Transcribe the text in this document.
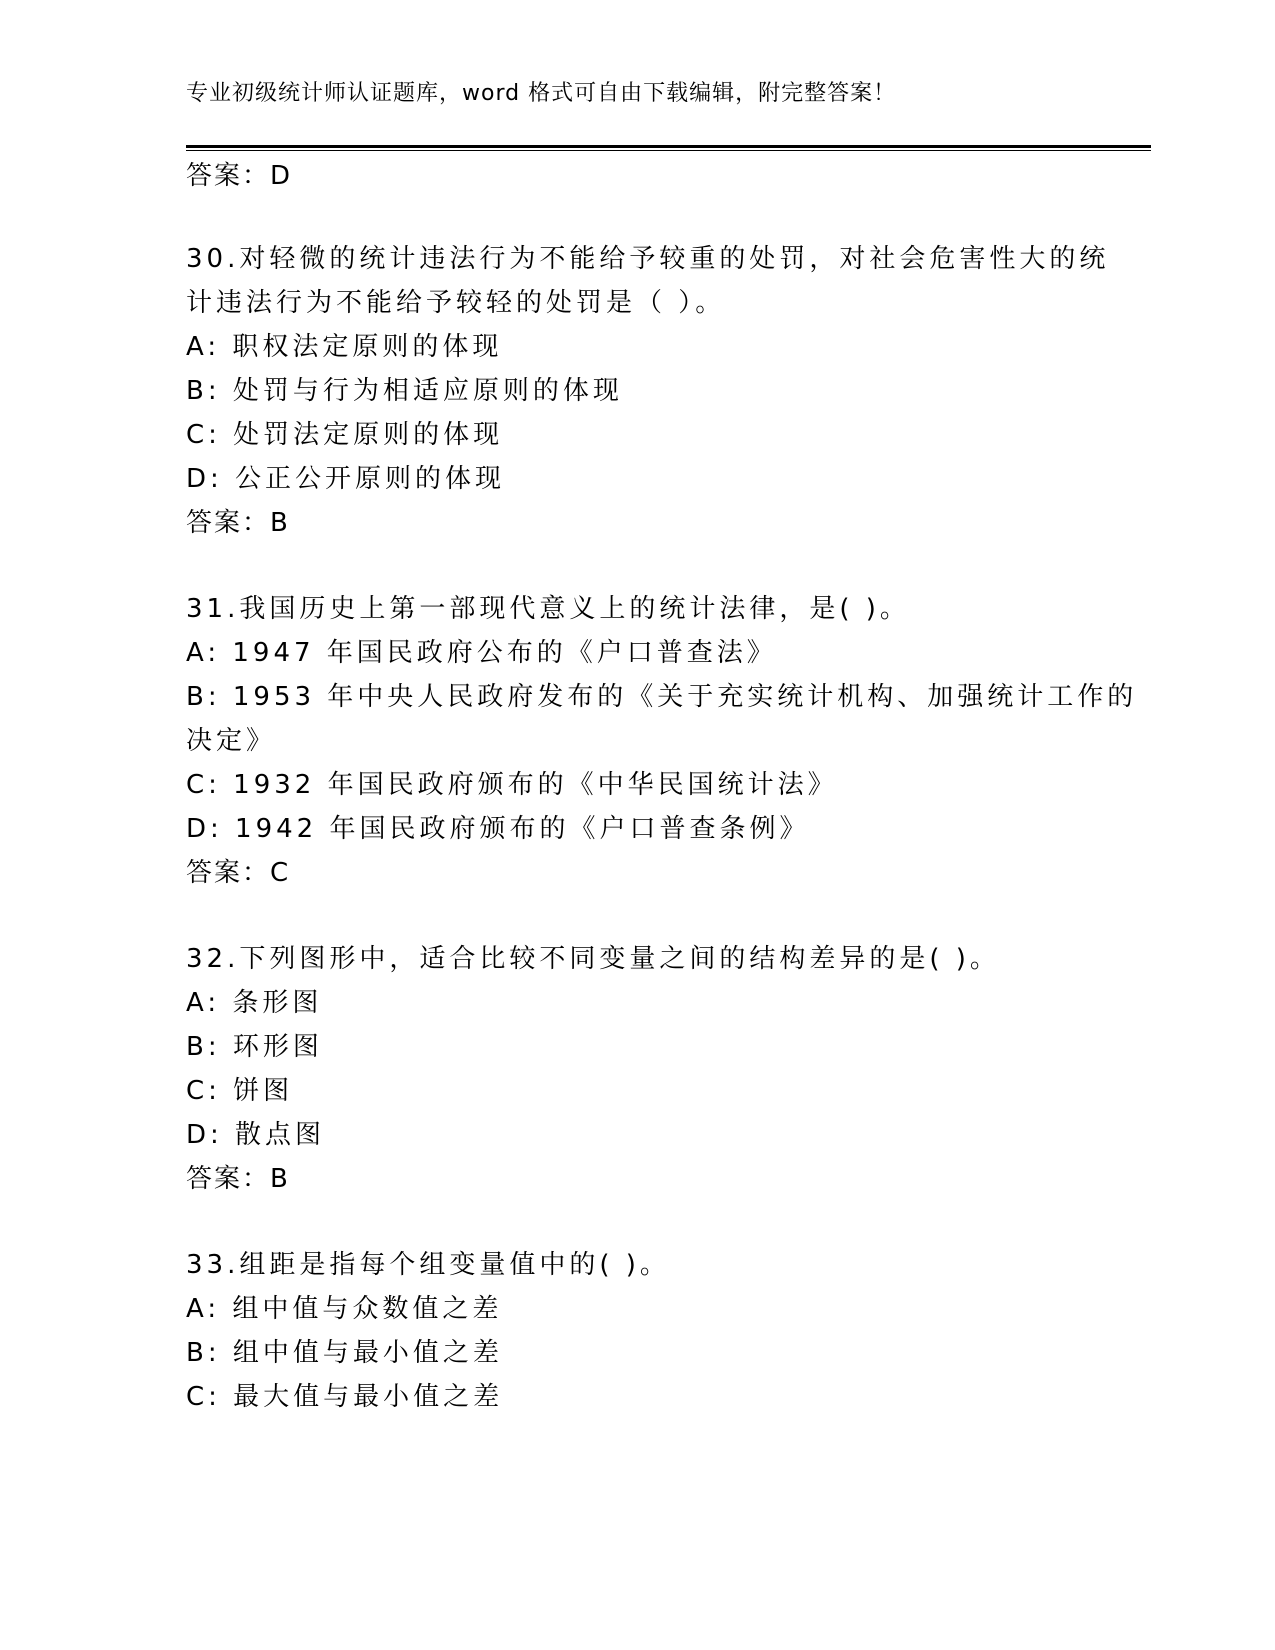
专业初级统计师认证题库，word 格式可自由下载编辑，附完整答案！
答案：D
30.对轻微的统计违法行为不能给予较重的处罚，对社会危害性大的统
计违法行为不能给予较轻的处罚是（ ）。
A: 职权法定原则的体现
B: 处罚与行为相适应原则的体现
C: 处罚法定原则的体现
D: 公正公开原则的体现
答案：B
31.我国历史上第一部现代意义上的统计法律，是( )。
A: 1947 年国民政府公布的《户口普查法》
B: 1953 年中央人民政府发布的《关于充实统计机构、加强统计工作的
决定》
C: 1932 年国民政府颁布的《中华民国统计法》
D: 1942 年国民政府颁布的《户口普查条例》
答案：C
32.下列图形中，适合比较不同变量之间的结构差异的是( )。
A: 条形图
B: 环形图
C: 饼图
D: 散点图
答案：B
33.组距是指每个组变量值中的( )。
A: 组中值与众数值之差
B: 组中值与最小值之差
C: 最大值与最小值之差
